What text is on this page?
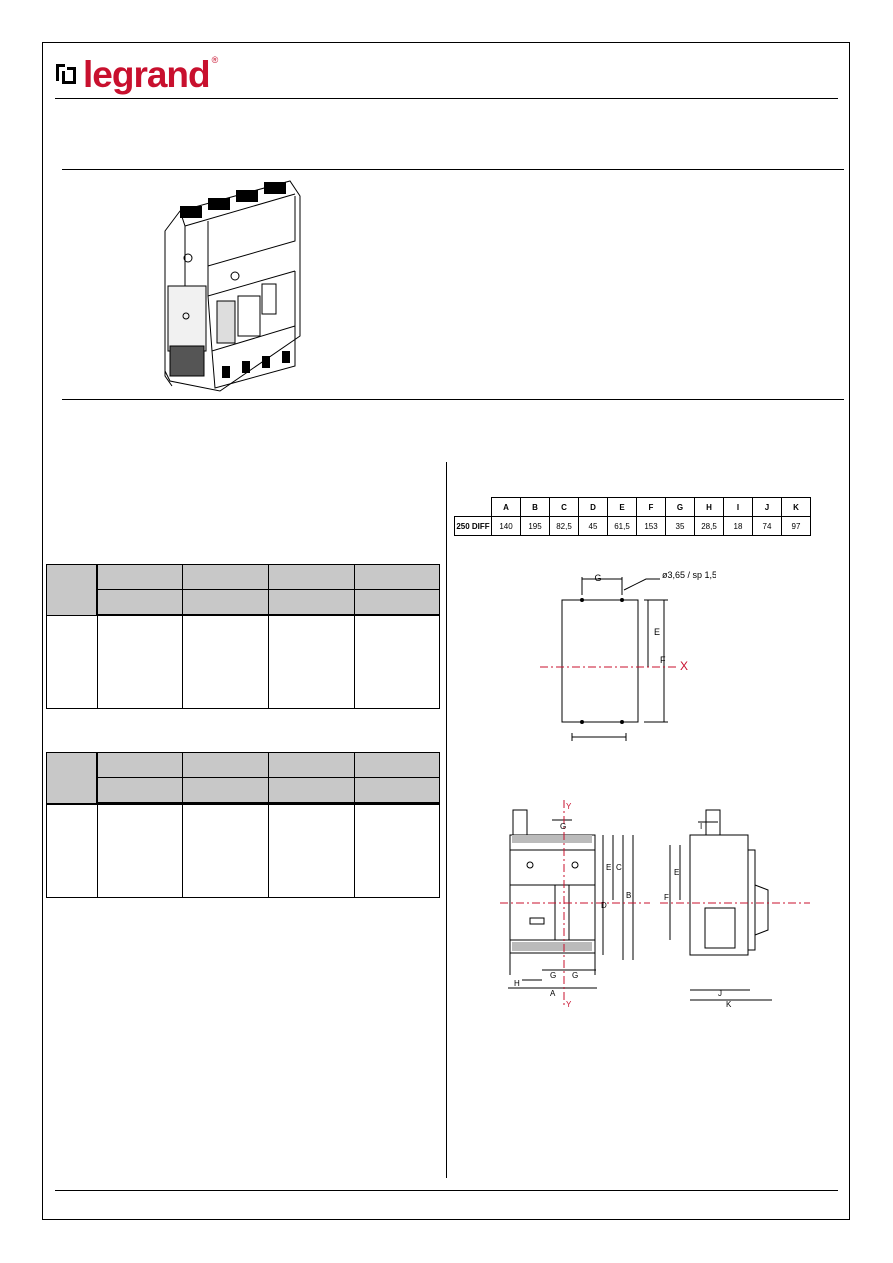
legrand ®
	A	B	C	D	E	F	G	H	I	J	K
250 DIFF	140	195	82,5	45	61,5	153	35	28,5	18	74	97
G	ø3,65 / sp 1,5
E
F X
Y
Y
G
B
C
E
D
H
G G
A
I
E
F
J
K
